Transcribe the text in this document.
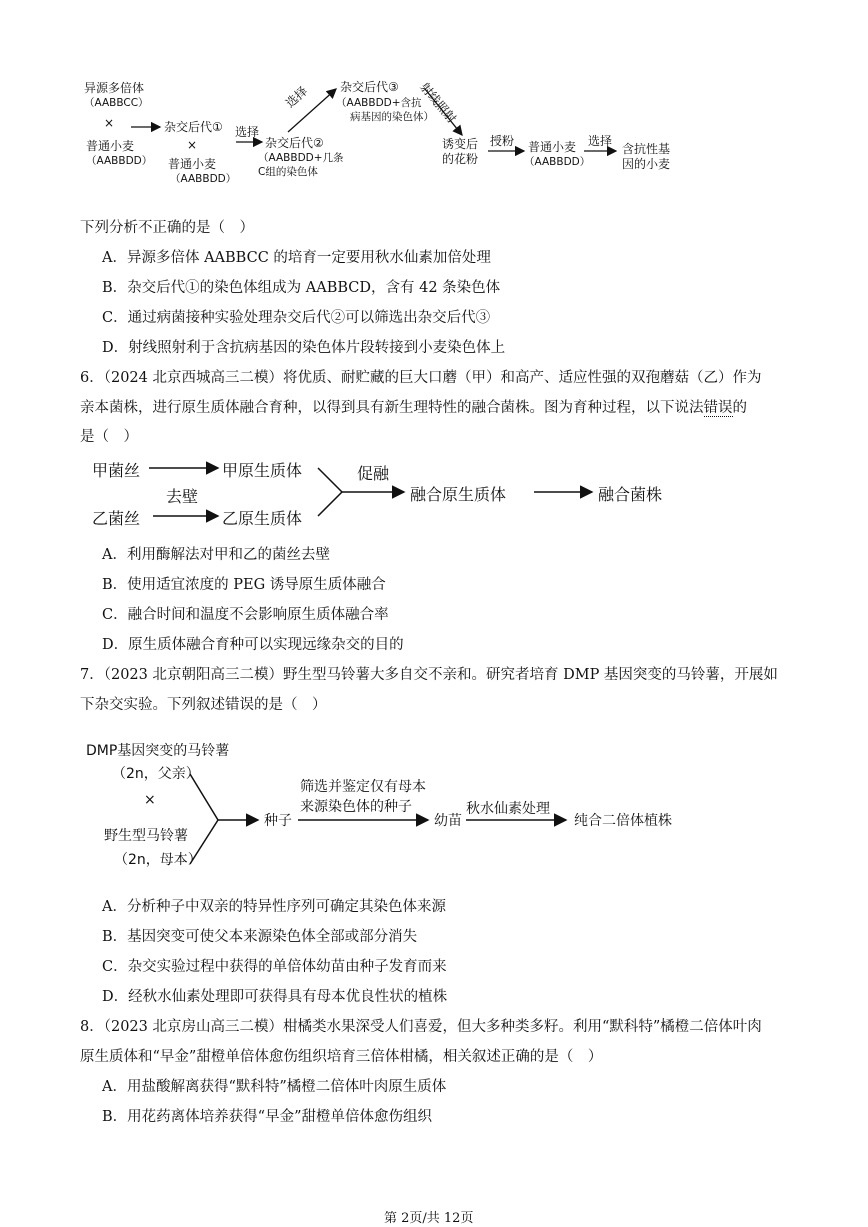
异源多倍体
（AABBCC）
×
普通小麦
（AABBDD）
杂交后代①
×
普通小麦
（AABBDD）
选择
杂交后代②
（AABBDD+几条
C组的染色体
选择 杂交后代③
（AABBDD+含抗
病基因的染色体）
射线照射
诱变后
的花粉
授粉 普通小麦
（AABBDD）
选择
含抗性基
因的小麦
下列分析不正确的是（　）
A．异源多倍体 AABBCC 的培育一定要用秋水仙素加倍处理
B．杂交后代①的染色体组成为 AABBCD，含有 42 条染色体
C．通过病菌接种实验处理杂交后代②可以筛选出杂交后代③
D．射线照射利于含抗病基因的染色体片段转接到小麦染色体上
6．（2024 北京西城高三二模）将优质、耐贮藏的巨大口蘑（甲）和高产、适应性强的双孢蘑菇（乙）作为
亲本菌株，进行原生质体融合育种，以得到具有新生理特性的融合菌株。图为育种过程，以下说法错误的
是（　）
甲菌丝	甲原生质体
去壁
乙菌丝	乙原生质体
促融
融合原生质体	融合菌株
A．利用酶解法对甲和乙的菌丝去壁
B．使用适宜浓度的 PEG 诱导原生质体融合
C．融合时间和温度不会影响原生质体融合率
D．原生质体融合育种可以实现远缘杂交的目的
7．（2023 北京朝阳高三二模）野生型马铃薯大多自交不亲和。研究者培育 DMP 基因突变的马铃薯，开展如
下杂交实验。下列叙述错误的是（　）
DMP基因突变的马铃薯
（2n，父亲）
×
野生型马铃薯
（2n，母本）
种子
筛选并鉴定仅有母本
来源染色体的种子
幼苗
秋水仙素处理
纯合二倍体植株
A．分析种子中双亲的特异性序列可确定其染色体来源
B．基因突变可使父本来源染色体全部或部分消失
C．杂交实验过程中获得的单倍体幼苗由种子发育而来
D．经秋水仙素处理即可获得具有母本优良性状的植株
8．（2023 北京房山高三二模）柑橘类水果深受人们喜爱，但大多种类多籽。利用“默科特”橘橙二倍体叶肉
原生质体和“早金”甜橙单倍体愈伤组织培育三倍体柑橘，相关叙述正确的是（　）
A．用盐酸解离获得“默科特”橘橙二倍体叶肉原生质体
B．用花药离体培养获得“早金”甜橙单倍体愈伤组织
第 2页/共 12页
